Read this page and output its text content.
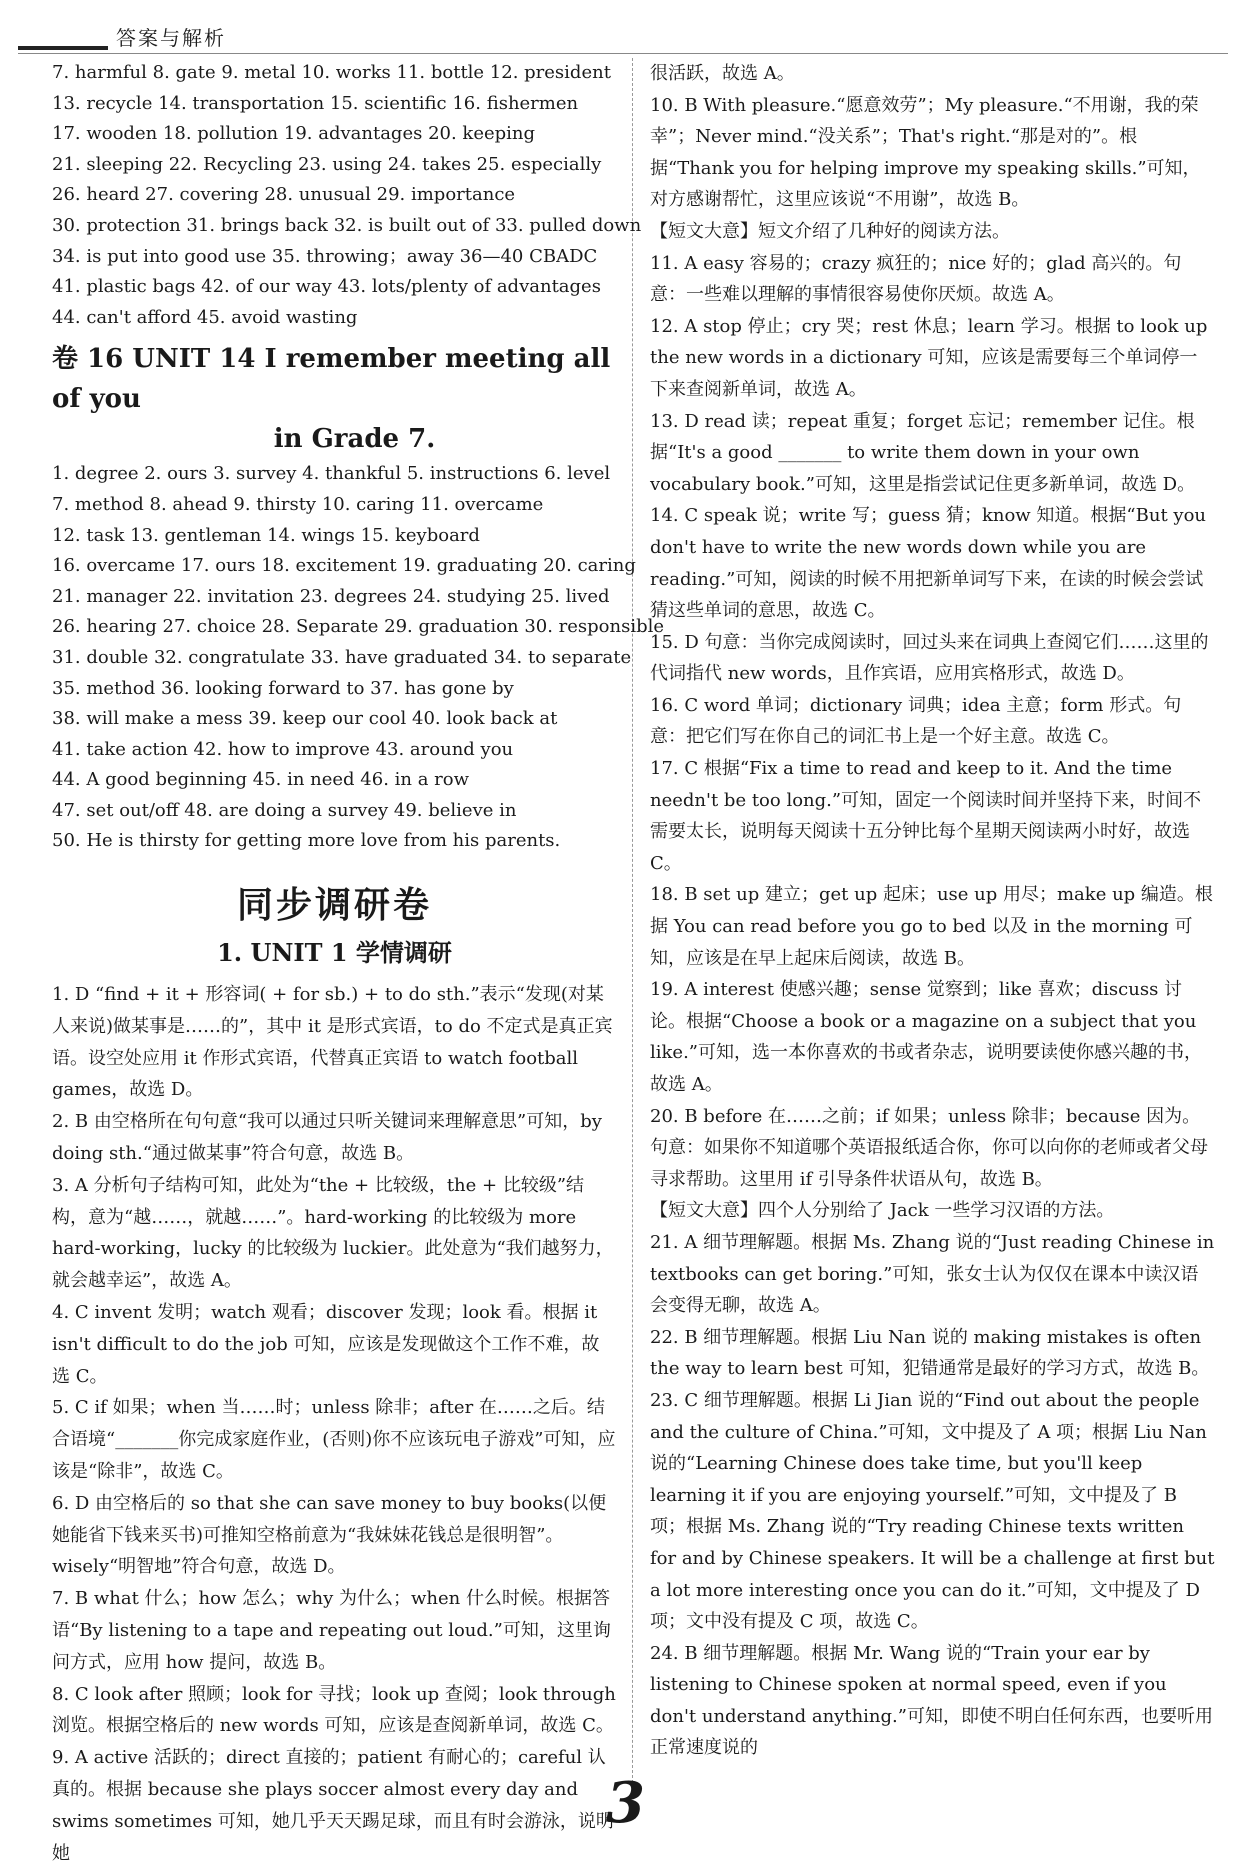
答案与解析
7. harmful 8. gate 9. metal 10. works 11. bottle 12. president
13. recycle 14. transportation 15. scientific 16. fishermen
17. wooden 18. pollution 19. advantages 20. keeping
21. sleeping 22. Recycling 23. using 24. takes 25. especially
26. heard 27. covering 28. unusual 29. importance
30. protection 31. brings back 32. is built out of 33. pulled down
34. is put into good use 35. throwing；away 36—40 CBADC
41. plastic bags 42. of our way 43. lots/plenty of advantages
44. can't afford 45. avoid wasting
卷 16 UNIT 14 I remember meeting all of you
in Grade 7.
1. degree 2. ours 3. survey 4. thankful 5. instructions 6. level
7. method 8. ahead 9. thirsty 10. caring 11. overcame
12. task 13. gentleman 14. wings 15. keyboard
16. overcame 17. ours 18. excitement 19. graduating 20. caring
21. manager 22. invitation 23. degrees 24. studying 25. lived
26. hearing 27. choice 28. Separate 29. graduation 30. responsible
31. double 32. congratulate 33. have graduated 34. to separate
35. method 36. looking forward to 37. has gone by
38. will make a mess 39. keep our cool 40. look back at
41. take action 42. how to improve 43. around you
44. A good beginning 45. in need 46. in a row
47. set out/off 48. are doing a survey 49. believe in
50. He is thirsty for getting more love from his parents.
同步调研卷
1. UNIT 1 学情调研
1. D “find + it + 形容词( + for sb.) + to do sth.”表示“发现(对某人来说)做某事是……的”，其中 it 是形式宾语，to do 不定式是真正宾语。设空处应用 it 作形式宾语，代替真正宾语 to watch football games，故选 D。
2. B 由空格所在句句意“我可以通过只听关键词来理解意思”可知，by doing sth.“通过做某事”符合句意，故选 B。
3. A 分析句子结构可知，此处为“the + 比较级，the + 比较级”结构，意为“越……，就越……”。hard-working 的比较级为 more hard-working，lucky 的比较级为 luckier。此处意为“我们越努力，就会越幸运”，故选 A。
4. C invent 发明；watch 观看；discover 发现；look 看。根据 it isn't difficult to do the job 可知，应该是发现做这个工作不难，故选 C。
5. C if 如果；when 当……时；unless 除非；after 在……之后。结合语境“_______你完成家庭作业，(否则)你不应该玩电子游戏”可知，应该是“除非”，故选 C。
6. D 由空格后的 so that she can save money to buy books(以便她能省下钱来买书)可推知空格前意为“我妹妹花钱总是很明智”。wisely“明智地”符合句意，故选 D。
7. B what 什么；how 怎么；why 为什么；when 什么时候。根据答语“By listening to a tape and repeating out loud.”可知，这里询问方式，应用 how 提问，故选 B。
8. C look after 照顾；look for 寻找；look up 查阅；look through 浏览。根据空格后的 new words 可知，应该是查阅新单词，故选 C。
9. A active 活跃的；direct 直接的；patient 有耐心的；careful 认真的。根据 because she plays soccer almost every day and swims sometimes 可知，她几乎天天踢足球，而且有时会游泳，说明她
很活跃，故选 A。
10. B With pleasure.“愿意效劳”；My pleasure.“不用谢，我的荣幸”；Never mind.“没关系”；That's right.“那是对的”。根据“Thank you for helping improve my speaking skills.”可知，对方感谢帮忙，这里应该说“不用谢”，故选 B。
【短文大意】短文介绍了几种好的阅读方法。
11. A easy 容易的；crazy 疯狂的；nice 好的；glad 高兴的。句意：一些难以理解的事情很容易使你厌烦。故选 A。
12. A stop 停止；cry 哭；rest 休息；learn 学习。根据 to look up the new words in a dictionary 可知，应该是需要每三个单词停一下来查阅新单词，故选 A。
13. D read 读；repeat 重复；forget 忘记；remember 记住。根据“It's a good _______ to write them down in your own vocabulary book.”可知，这里是指尝试记住更多新单词，故选 D。
14. C speak 说；write 写；guess 猜；know 知道。根据“But you don't have to write the new words down while you are reading.”可知，阅读的时候不用把新单词写下来，在读的时候会尝试猜这些单词的意思，故选 C。
15. D 句意：当你完成阅读时，回过头来在词典上查阅它们……这里的代词指代 new words，且作宾语，应用宾格形式，故选 D。
16. C word 单词；dictionary 词典；idea 主意；form 形式。句意：把它们写在你自己的词汇书上是一个好主意。故选 C。
17. C 根据“Fix a time to read and keep to it. And the time needn't be too long.”可知，固定一个阅读时间并坚持下来，时间不需要太长，说明每天阅读十五分钟比每个星期天阅读两小时好，故选 C。
18. B set up 建立；get up 起床；use up 用尽；make up 编造。根据 You can read before you go to bed 以及 in the morning 可知，应该是在早上起床后阅读，故选 B。
19. A interest 使感兴趣；sense 觉察到；like 喜欢；discuss 讨论。根据“Choose a book or a magazine on a subject that you like.”可知，选一本你喜欢的书或者杂志，说明要读使你感兴趣的书，故选 A。
20. B before 在……之前；if 如果；unless 除非；because 因为。句意：如果你不知道哪个英语报纸适合你，你可以向你的老师或者父母寻求帮助。这里用 if 引导条件状语从句，故选 B。
【短文大意】四个人分别给了 Jack 一些学习汉语的方法。
21. A 细节理解题。根据 Ms. Zhang 说的“Just reading Chinese in textbooks can get boring.”可知，张女士认为仅仅在课本中读汉语会变得无聊，故选 A。
22. B 细节理解题。根据 Liu Nan 说的 making mistakes is often the way to learn best 可知，犯错通常是最好的学习方式，故选 B。
23. C 细节理解题。根据 Li Jian 说的“Find out about the people and the culture of China.”可知，文中提及了 A 项；根据 Liu Nan 说的“Learning Chinese does take time, but you'll keep learning it if you are enjoying yourself.”可知，文中提及了 B 项；根据 Ms. Zhang 说的“Try reading Chinese texts written for and by Chinese speakers. It will be a challenge at first but a lot more interesting once you can do it.”可知，文中提及了 D 项；文中没有提及 C 项，故选 C。
24. B 细节理解题。根据 Mr. Wang 说的“Train your ear by listening to Chinese spoken at normal speed, even if you don't understand anything.”可知，即使不明白任何东西，也要听用正常速度说的
3
